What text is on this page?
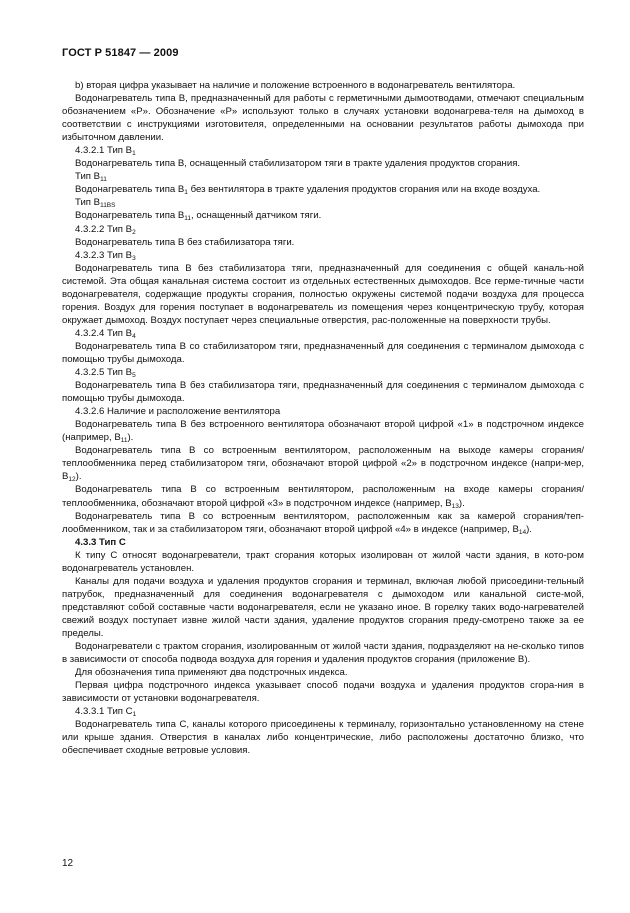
ГОСТ Р 51847 — 2009

b) вторая цифра указывает на наличие и положение встроенного в водонагреватель вентилятора.

Водонагреватель типа B, предназначенный для работы с герметичными дымоотводами, отмечают специальным обозначением «P». Обозначение «P» используют только в случаях установки водонагрева-теля на дымоход в соответствии с инструкциями изготовителя, определенными на основании результатов работы дымохода при избыточном давлении.

4.3.2.1 Тип $B_1$

Водонагреватель типа B, оснащенный стабилизатором тяги в тракте удаления продуктов сгорания.

Тип $B_{11}$

Водонагреватель типа $B_1$ без вентилятора в тракте удаления продуктов сгорания или на входе воздуха.

Тип $B_{11BS}$

Водонагреватель типа $B_{11}$, оснащенный датчиком тяги.

4.3.2.2 Тип $B_2$

Водонагреватель типа B без стабилизатора тяги.

4.3.2.3 Тип $B_3$

Водонагреватель типа B без стабилизатора тяги, предназначенный для соединения с общей каналь-ной системой. Эта общая канальная система состоит из отдельных естественных дымоходов. Все герме-тичные части водонагревателя, содержащие продукты сгорания, полностью окружены системой подачи воздуха для процесса горения. Воздух для горения поступает в водонагреватель из помещения через концентрическую трубу, которая окружает дымоход. Воздух поступает через специальные отверстия, рас-положенные на поверхности трубы.

4.3.2.4 Тип $B_4$

Водонагреватель типа B со стабилизатором тяги, предназначенный для соединения с терминалом дымохода с помощью трубы дымохода.

4.3.2.5 Тип $B_5$

Водонагреватель типа B без стабилизатора тяги, предназначенный для соединения с терминалом дымохода с помощью трубы дымохода.

4.3.2.6 Наличие и расположение вентилятора

Водонагреватель типа B без встроенного вентилятора обозначают второй цифрой «1» в подстрочном индексе (например, $B_{11}$).

Водонагреватель типа B со встроенным вентилятором, расположенным на выходе камеры сгорания/ теплообменника перед стабилизатором тяги, обозначают второй цифрой «2» в подстрочном индексе (напри-мер, $B_{12}$).

Водонагреватель типа B со встроенным вентилятором, расположенным на входе камеры сгорания/ теплообменника, обозначают второй цифрой «3» в подстрочном индексе (например, $B_{13}$).

Водонагреватель типа B со встроенным вентилятором, расположенным как за камерой сгорания/теп-лообменником, так и за стабилизатором тяги, обозначают второй цифрой «4» в индексе (например, $B_{14}$).

4.3.3 Тип C

К типу C относят водонагреватели, тракт сгорания которых изолирован от жилой части здания, в кото-ром водонагреватель установлен.

Каналы для подачи воздуха и удаления продуктов сгорания и терминал, включая любой присоедини-тельный патрубок, предназначенный для соединения водонагревателя с дымоходом или канальной систе-мой, представляют собой составные части водонагревателя, если не указано иное. В горелку таких водо-нагревателей свежий воздух поступает извне жилой части здания, удаление продуктов сгорания преду-смотрено также за ее пределы.

Водонагреватели с трактом сгорания, изолированным от жилой части здания, подразделяют на не-сколько типов в зависимости от способа подвода воздуха для горения и удаления продуктов сгорания (приложение В).

Для обозначения типа применяют два подстрочных индекса.

Первая цифра подстрочного индекса указывает способ подачи воздуха и удаления продуктов сгора-ния в зависимости от установки водонагревателя.

4.3.3.1 Тип $C_1$

Водонагреватель типа C, каналы которого присоединены к терминалу, горизонтально установленному на стене или крыше здания. Отверстия в каналах либо концентрические, либо расположены достаточно близко, что обеспечивает сходные ветровые условия.

12
